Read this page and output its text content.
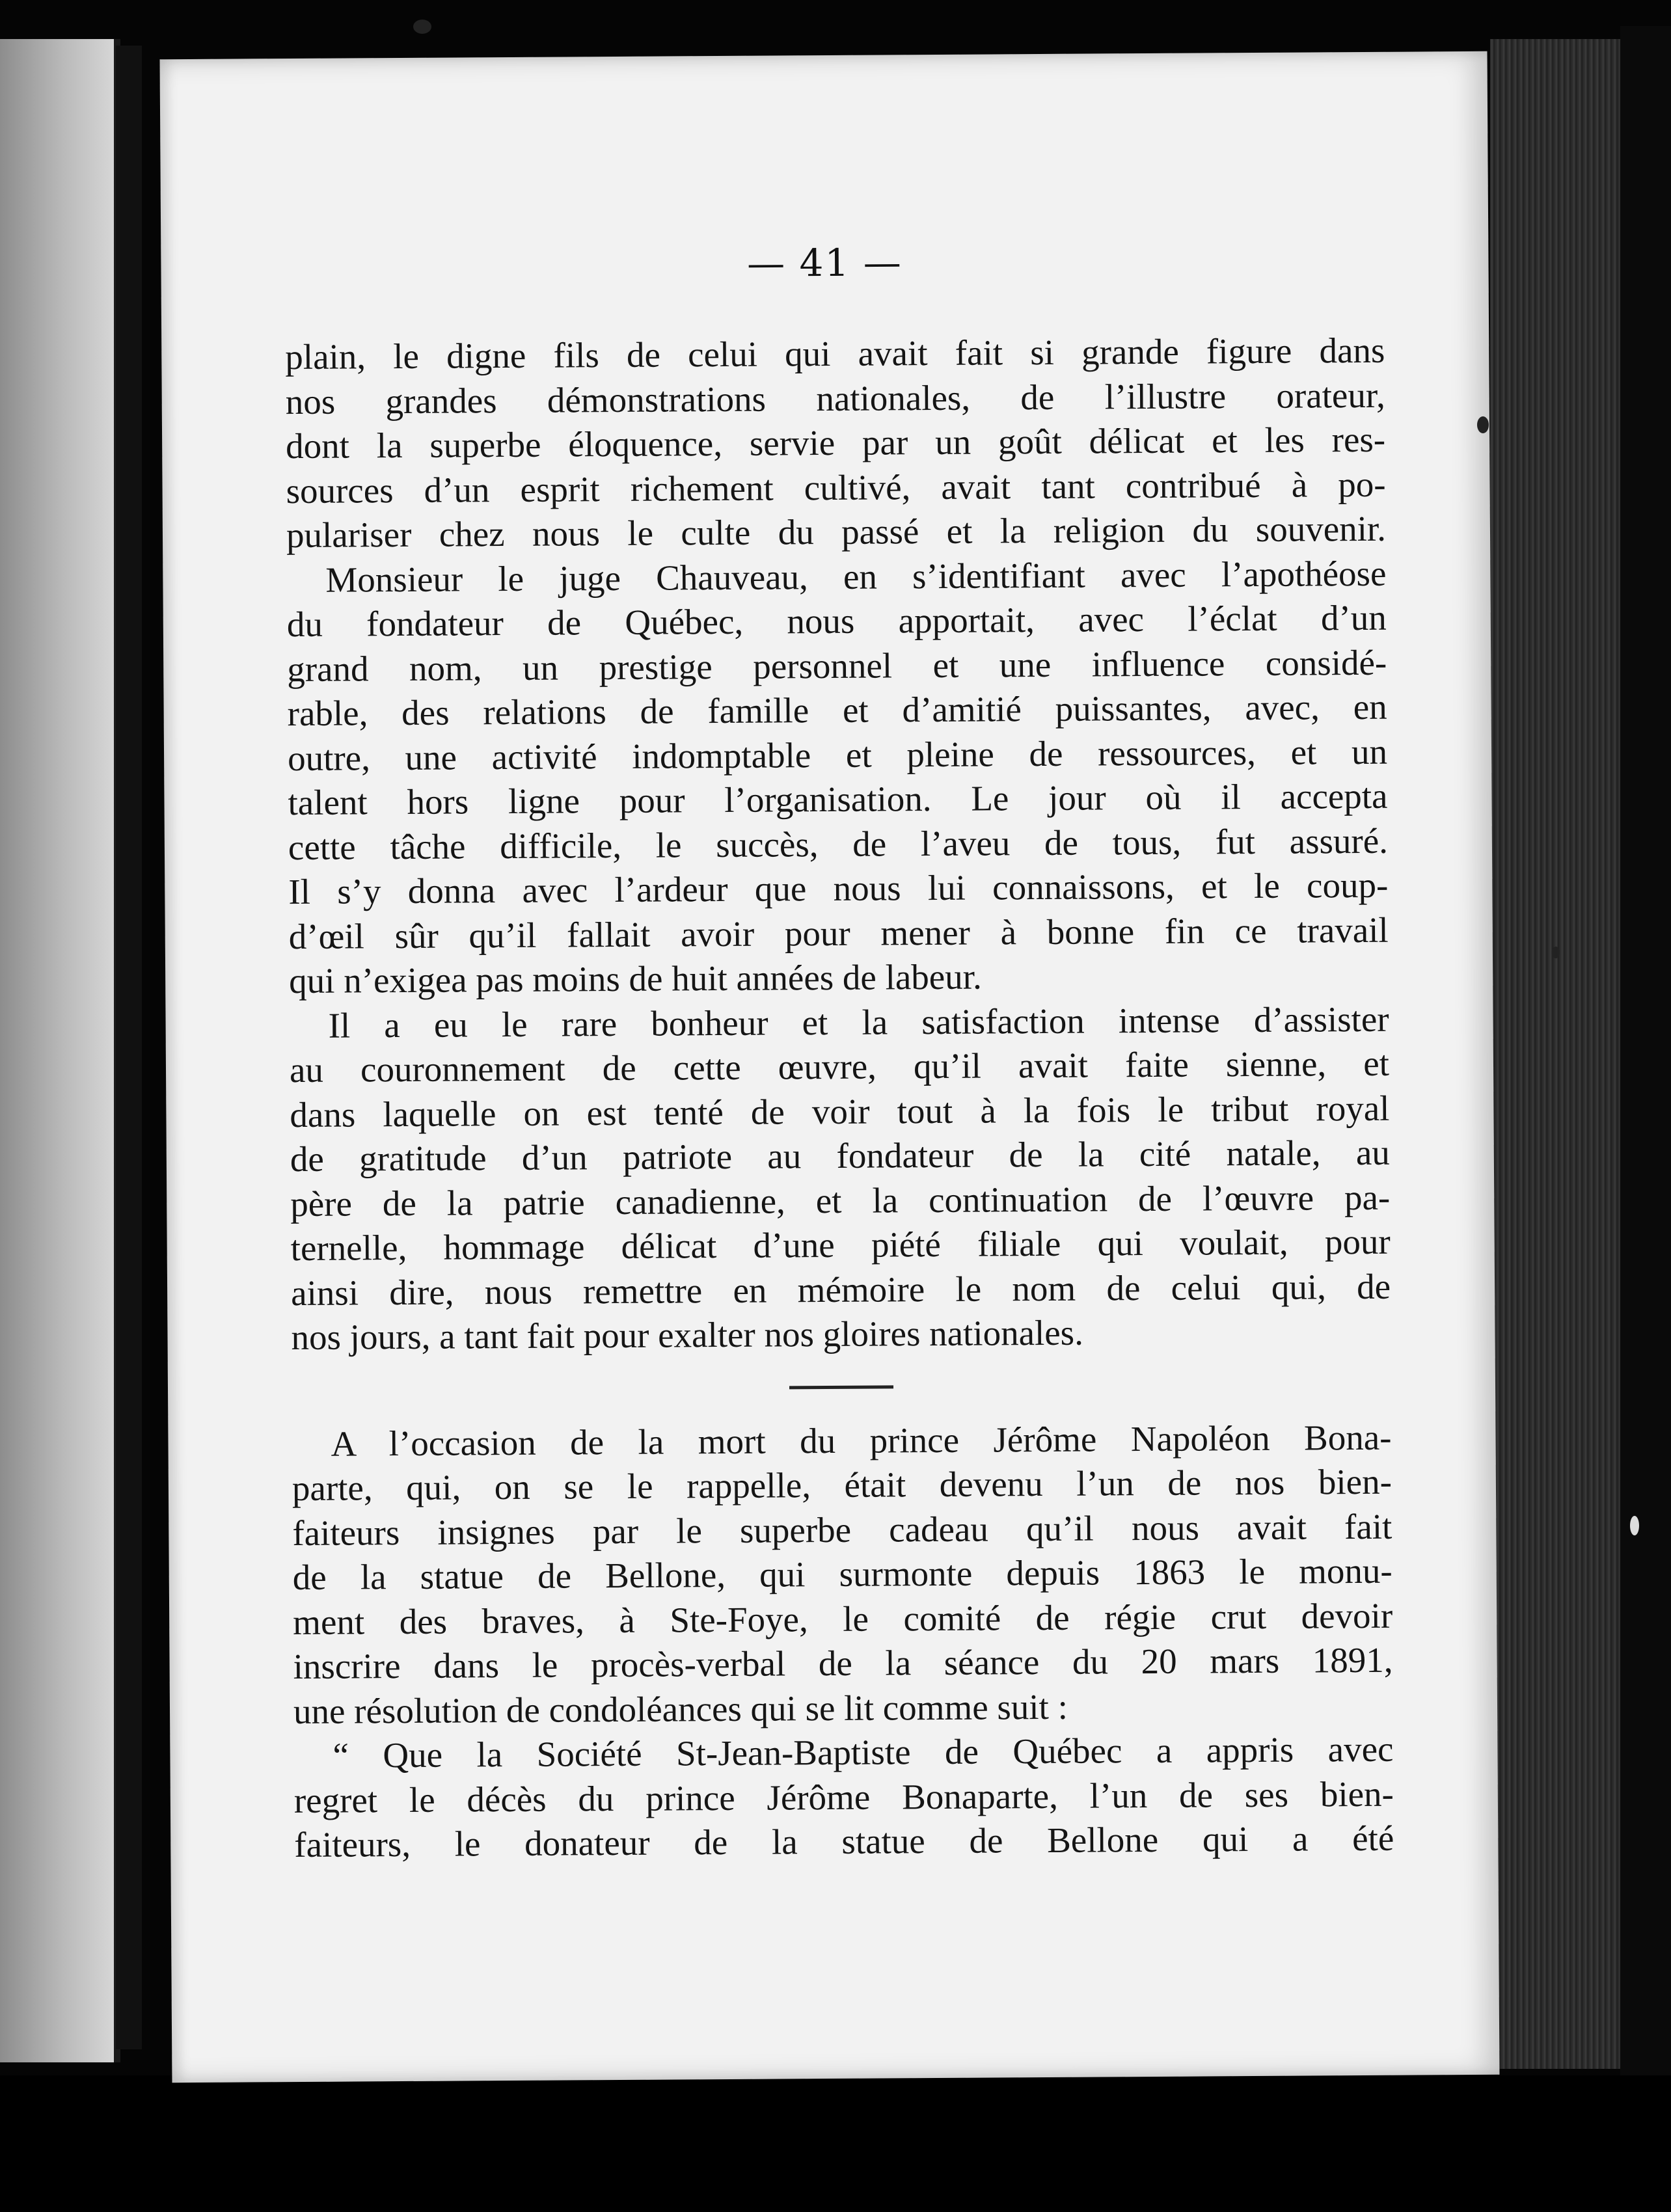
— 41 —
plain, le digne fils de celui qui avait fait si grande figure dans
nos grandes démonstrations nationales, de l’illustre orateur,
dont la superbe éloquence, servie par un goût délicat et les res-
sources d’un esprit richement cultivé, avait tant contribué à po-
pulariser chez nous le culte du passé et la religion du souvenir.
Monsieur le juge Chauveau, en s’identifiant avec l’apothéose
du fondateur de Québec, nous apportait, avec l’éclat d’un
grand nom, un prestige personnel et une influence considé-
rable, des relations de famille et d’amitié puissantes, avec, en
outre, une activité indomptable et pleine de ressources, et un
talent hors ligne pour l’organisation. Le jour où il accepta
cette tâche difficile, le succès, de l’aveu de tous, fut assuré.
Il s’y donna avec l’ardeur que nous lui connaissons, et le coup-
d’œil sûr qu’il fallait avoir pour mener à bonne fin ce travail
qui n’exigea pas moins de huit années de labeur.
Il a eu le rare bonheur et la satisfaction intense d’assister
au couronnement de cette œuvre, qu’il avait faite sienne, et
dans laquelle on est tenté de voir tout à la fois le tribut royal
de gratitude d’un patriote au fondateur de la cité natale, au
père de la patrie canadienne, et la continuation de l’œuvre pa-
ternelle, hommage délicat d’une piété filiale qui voulait, pour
ainsi dire, nous remettre en mémoire le nom de celui qui, de
nos jours, a tant fait pour exalter nos gloires nationales.
A l’occasion de la mort du prince Jérôme Napoléon Bona-
parte, qui, on se le rappelle, était devenu l’un de nos bien-
faiteurs insignes par le superbe cadeau qu’il nous avait fait
de la statue de Bellone, qui surmonte depuis 1863 le monu-
ment des braves, à Ste-Foye, le comité de régie crut devoir
inscrire dans le procès-verbal de la séance du 20 mars 1891,
une résolution de condoléances qui se lit comme suit :
“ Que la Société St-Jean-Baptiste de Québec a appris avec
regret le décès du prince Jérôme Bonaparte, l’un de ses bien-
faiteurs, le donateur de la statue de Bellone qui a été
